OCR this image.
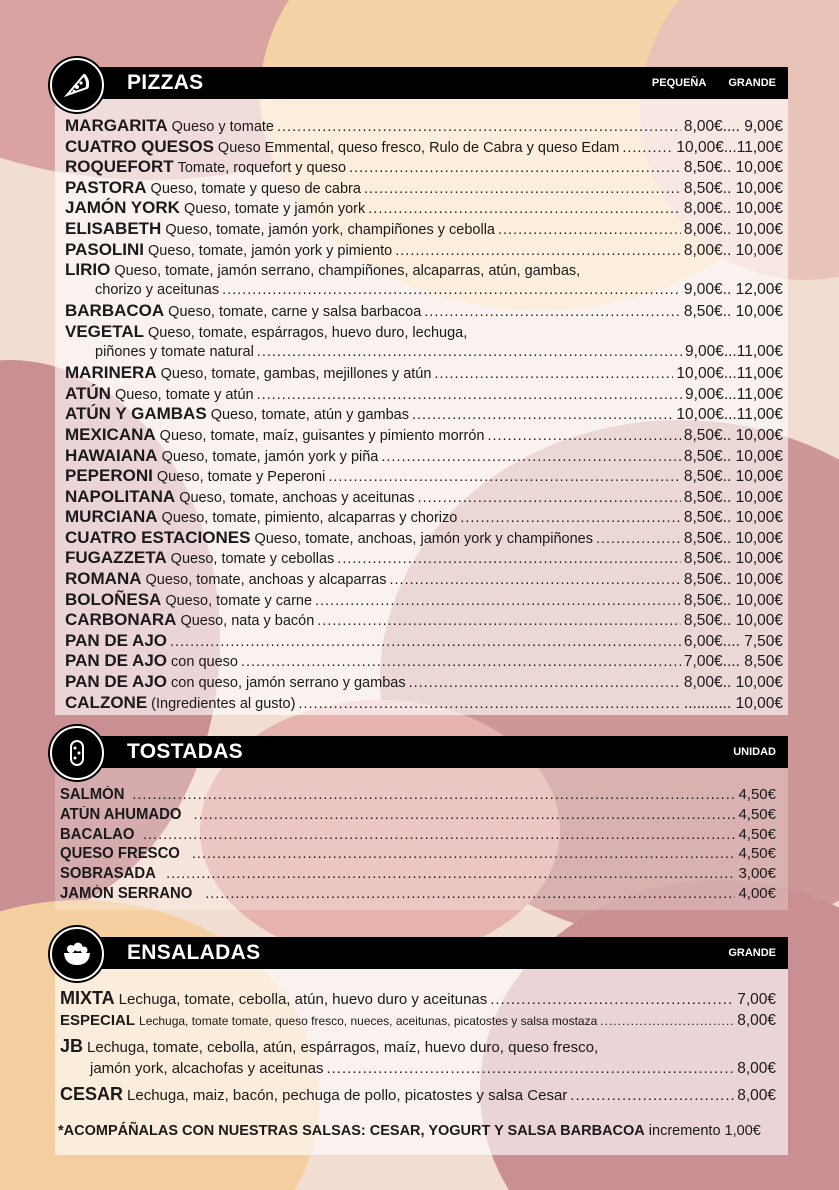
PIZZAS	PEQUEÑA GRANDE
MARGARITA Queso y tomate .....	8,00€.... 9,00€
CUATRO QUESOS Queso Emmental, queso fresco, Rulo de Cabra y queso Edam .....	10,00€...11,00€
ROQUEFORT Tomate, roquefort y queso .....	8,50€.. 10,00€
PASTORA Queso, tomate y queso de cabra .....	8,50€.. 10,00€
JAMÓN YORK Queso, tomate y jamón york .....	8,00€.. 10,00€
ELISABETH Queso, tomate, jamón york, champiñones y cebolla .....	8,00€.. 10,00€
PASOLINI Queso, tomate, jamón york y pimiento .....	8,00€.. 10,00€
LIRIO Queso, tomate, jamón serrano, champiñones, alcaparras, atún, gambas,
chorizo y aceitunas .....	9,00€.. 12,00€
BARBACOA Queso, tomate, carne y salsa barbacoa .....	8,50€.. 10,00€
VEGETAL Queso, tomate, espárragos, huevo duro, lechuga,
piñones y tomate natural .....	9,00€...11,00€
MARINERA Queso, tomate, gambas, mejillones y atún .....	10,00€...11,00€
ATÚN Queso, tomate y atún .....	9,00€...11,00€
ATÚN Y GAMBAS Queso, tomate, atún y gambas .....	10,00€...11,00€
MEXICANA Queso, tomate, maíz, guisantes y pimiento morrón .....	8,50€.. 10,00€
HAWAIANA Queso, tomate, jamón york y piña .....	8,50€.. 10,00€
PEPERONI Queso, tomate y Peperoni .....	8,50€.. 10,00€
NAPOLITANA Queso, tomate, anchoas y aceitunas .....	8,50€.. 10,00€
MURCIANA Queso, tomate, pimiento, alcaparras y chorizo .....	8,50€.. 10,00€
CUATRO ESTACIONES Queso, tomate, anchoas, jamón york y champiñones .....	8,50€.. 10,00€
FUGAZZETA Queso, tomate y cebollas .....	8,50€.. 10,00€
ROMANA Queso, tomate, anchoas y alcaparras .....	8,50€.. 10,00€
BOLOÑESA Queso, tomate y carne .....	8,50€.. 10,00€
CARBONARA Queso, nata y bacón .....	8,50€.. 10,00€
PAN DE AJO .....	6,00€.... 7,50€
PAN DE AJO con queso .....	7,00€.... 8,50€
PAN DE AJO con queso, jamón serrano y gambas .....	8,00€.. 10,00€
CALZONE (Ingredientes al gusto) .....	........... 10,00€
TOSTADAS	UNIDAD
SALMÓN .....	4,50€
ATÚN AHUMADO .....	4,50€
BACALAO .....	4,50€
QUESO FRESCO .....	4,50€
SOBRASADA .....	3,00€
JAMÓN SERRANO .....	4,00€
ENSALADAS	GRANDE
MIXTA Lechuga, tomate, cebolla, atún, huevo duro y aceitunas .....	7,00€
ESPECIAL Lechuga, tomate tomate, queso fresco, nueces, aceitunas, picatostes y salsa mostaza .....	8,00€
JB Lechuga, tomate, cebolla, atún, espárragos, maíz, huevo duro, queso fresco,
jamón york, alcachofas y aceitunas .....	8,00€
CESAR Lechuga, maiz, bacón, pechuga de pollo, picatostes y salsa Cesar .....	8,00€
*ACOMPÁÑALAS CON NUESTRAS SALSAS: CESAR, YOGURT Y SALSA BARBACOA incremento 1,00€
